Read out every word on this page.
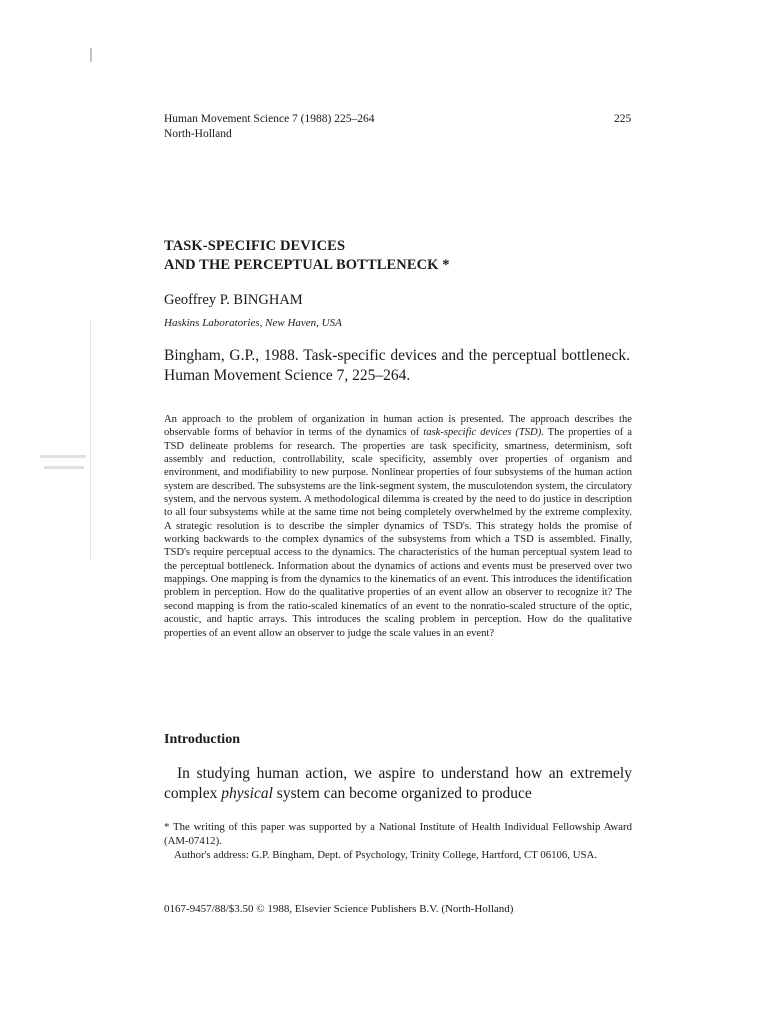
Human Movement Science 7 (1988) 225–264
North-Holland
225
TASK-SPECIFIC DEVICES
AND THE PERCEPTUAL BOTTLENECK *
Geoffrey P. BINGHAM
Haskins Laboratories, New Haven, USA
Bingham, G.P., 1988. Task-specific devices and the perceptual bottleneck. Human Movement Science 7, 225–264.

An approach to the problem of organization in human action is presented. The approach describes the observable forms of behavior in terms of the dynamics of task-specific devices (TSD). The properties of a TSD delineate problems for research. The properties are task specificity, smartness, determinism, soft assembly and reduction, controllability, scale specificity, assembly over properties of organism and environment, and modifiability to new purpose. Nonlinear properties of four subsystems of the human action system are described. The subsystems are the link-segment system, the musculotendon system, the circulatory system, and the nervous system. A methodological dilemma is created by the need to do justice in description to all four subsystems while at the same time not being completely overwhelmed by the extreme complexity. A strategic resolution is to describe the simpler dynamics of TSD's. This strategy holds the promise of working backwards to the complex dynamics of the subsystems from which a TSD is assembled. Finally, TSD's require perceptual access to the dynamics. The characteristics of the human perceptual system lead to the perceptual bottleneck. Information about the dynamics of actions and events must be preserved over two mappings. One mapping is from the dynamics to the kinematics of an event. This introduces the identification problem in perception. How do the qualitative properties of an event allow an observer to recognize it? The second mapping is from the ratio-scaled kinematics of an event to the nonratio-scaled structure of the optic, acoustic, and haptic arrays. This introduces the scaling problem in perception. How do the qualitative properties of an event allow an observer to judge the scale values in an event?

Introduction
In studying human action, we aspire to understand how an extremely complex physical system can become organized to produce

* The writing of this paper was supported by a National Institute of Health Individual Fellowship Award (AM-07412).

Author's address: G.P. Bingham, Dept. of Psychology, Trinity College, Hartford, CT 06106, USA.

0167-9457/88/$3.50 © 1988, Elsevier Science Publishers B.V. (North-Holland)
